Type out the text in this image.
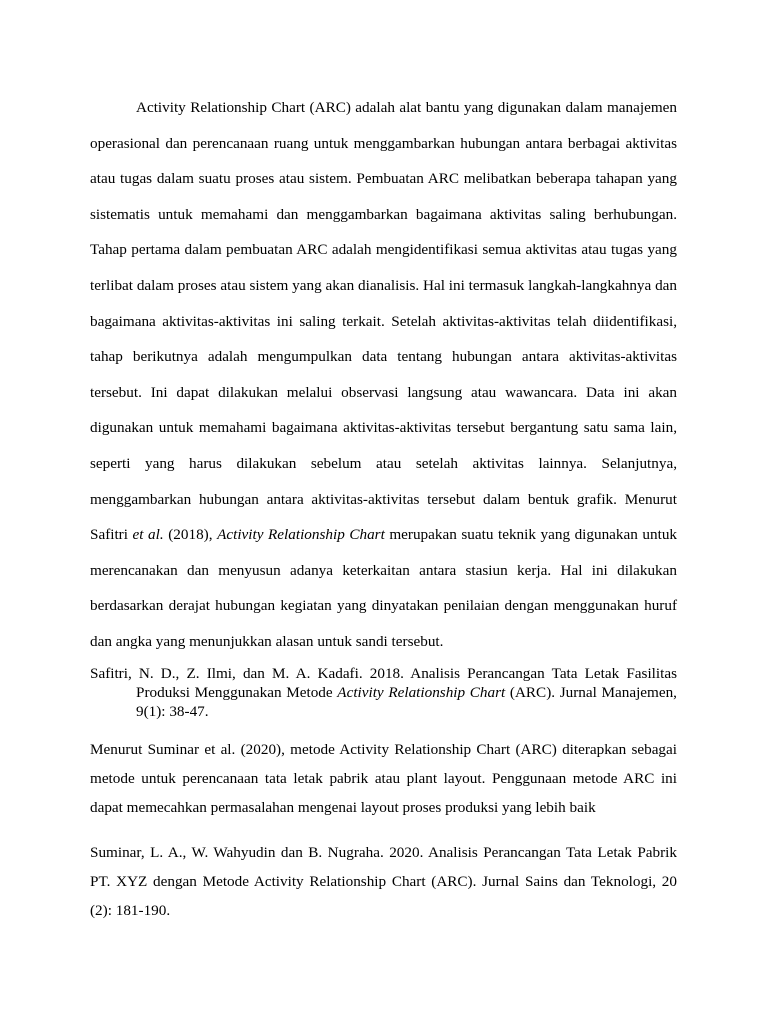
Activity Relationship Chart (ARC) adalah alat bantu yang digunakan dalam manajemen operasional dan perencanaan ruang untuk menggambarkan hubungan antara berbagai aktivitas atau tugas dalam suatu proses atau sistem. Pembuatan ARC melibatkan beberapa tahapan yang sistematis untuk memahami dan menggambarkan bagaimana aktivitas saling berhubungan. Tahap pertama dalam pembuatan ARC adalah mengidentifikasi semua aktivitas atau tugas yang terlibat dalam proses atau sistem yang akan dianalisis. Hal ini termasuk langkah-langkahnya dan bagaimana aktivitas-aktivitas ini saling terkait. Setelah aktivitas-aktivitas telah diidentifikasi, tahap berikutnya adalah mengumpulkan data tentang hubungan antara aktivitas-aktivitas tersebut. Ini dapat dilakukan melalui observasi langsung atau wawancara. Data ini akan digunakan untuk memahami bagaimana aktivitas-aktivitas tersebut bergantung satu sama lain, seperti yang harus dilakukan sebelum atau setelah aktivitas lainnya. Selanjutnya, menggambarkan hubungan antara aktivitas-aktivitas tersebut dalam bentuk grafik. Menurut Safitri et al. (2018), Activity Relationship Chart merupakan suatu teknik yang digunakan untuk merencanakan dan menyusun adanya keterkaitan antara stasiun kerja. Hal ini dilakukan berdasarkan derajat hubungan kegiatan yang dinyatakan penilaian dengan menggunakan huruf dan angka yang menunjukkan alasan untuk sandi tersebut.

Safitri, N. D., Z. Ilmi, dan M. A. Kadafi. 2018. Analisis Perancangan Tata Letak Fasilitas Produksi Menggunakan Metode Activity Relationship Chart (ARC). Jurnal Manajemen, 9(1): 38-47.

Menurut Suminar et al. (2020), metode Activity Relationship Chart (ARC) diterapkan sebagai metode untuk perencanaan tata letak pabrik atau plant layout. Penggunaan metode ARC ini dapat memecahkan permasalahan mengenai layout proses produksi yang lebih baik

Suminar, L. A., W. Wahyudin dan B. Nugraha. 2020. Analisis Perancangan Tata Letak Pabrik PT. XYZ dengan Metode Activity Relationship Chart (ARC). Jurnal Sains dan Teknologi, 20 (2): 181-190.
